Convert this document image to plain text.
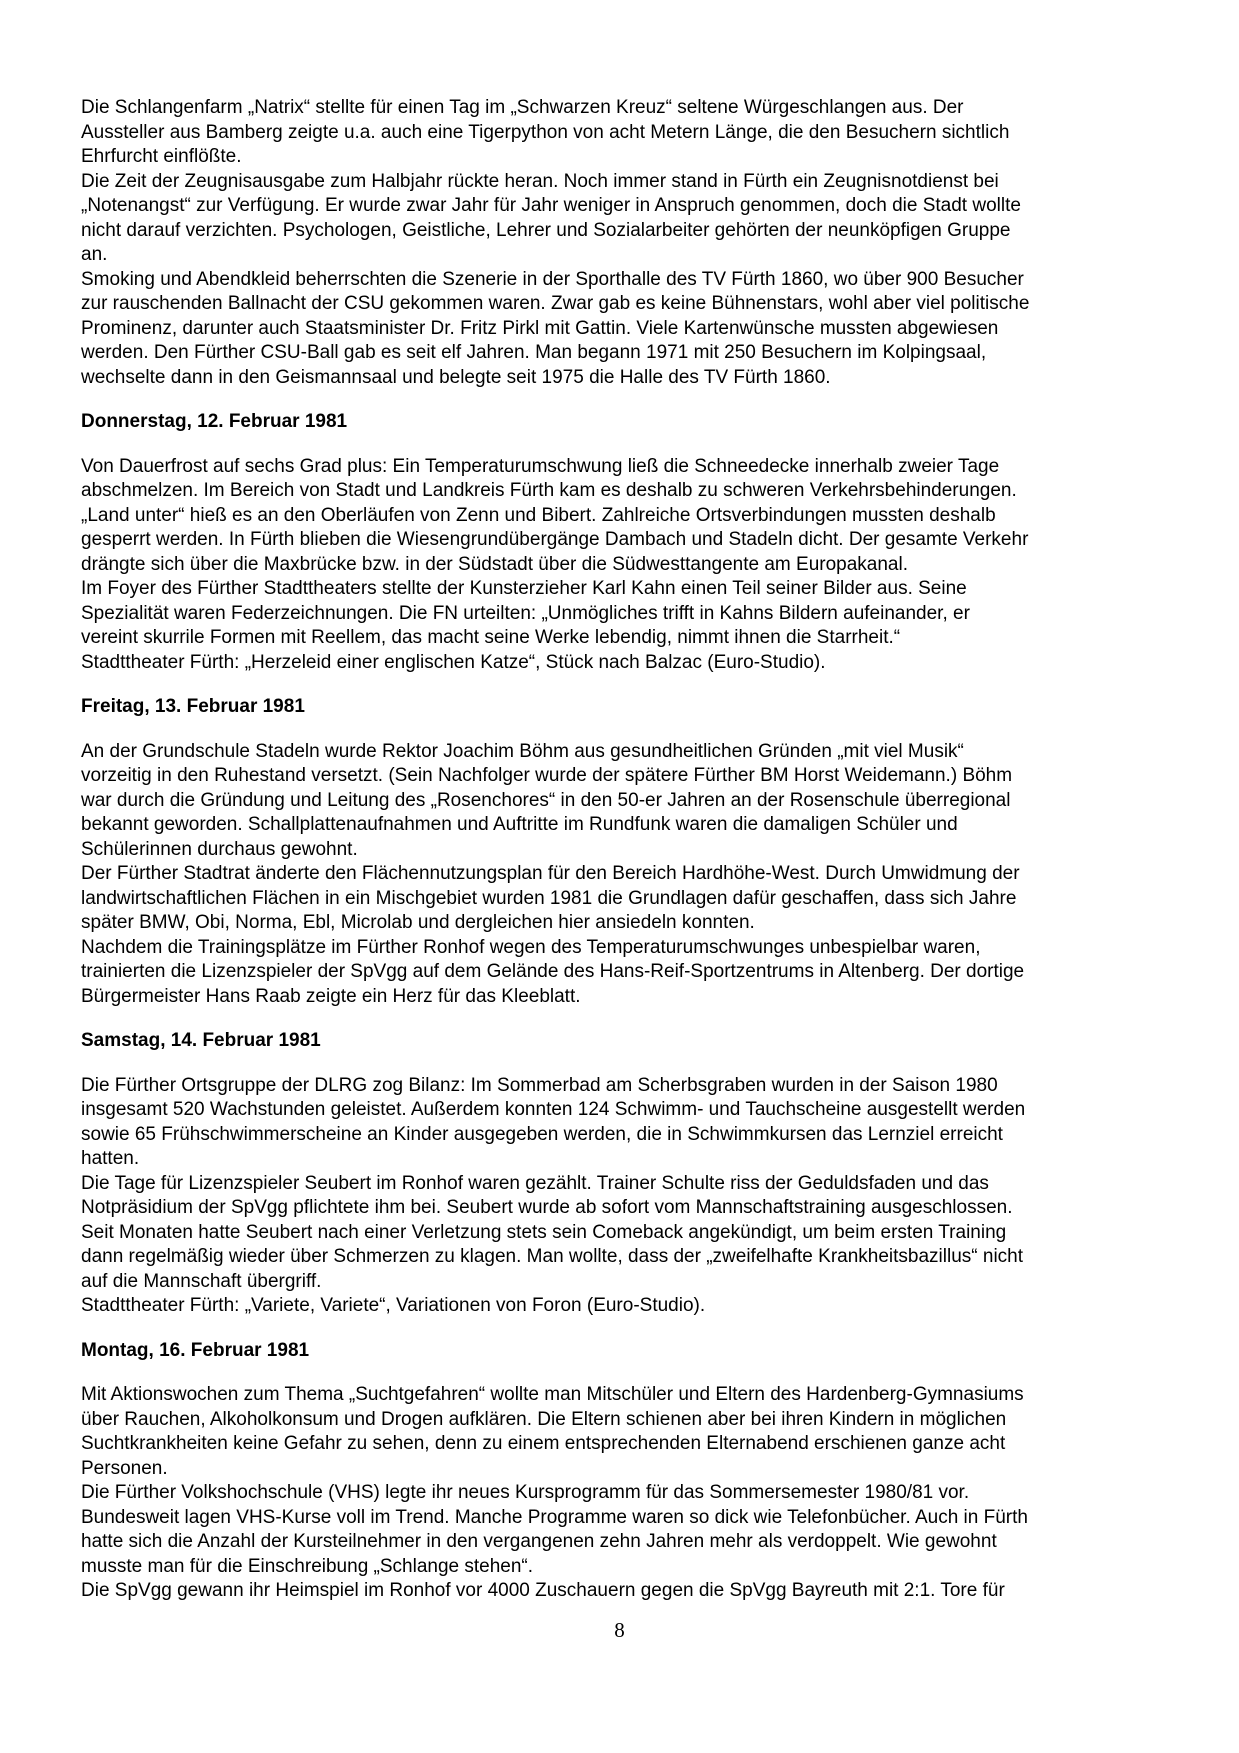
Die Schlangenfarm „Natrix“ stellte für einen Tag im „Schwarzen Kreuz“ seltene Würgeschlangen aus. Der Aussteller aus Bamberg zeigte u.a. auch eine Tigerpython von acht Metern Länge, die den Besuchern sichtlich Ehrfurcht einflößte.

Die Zeit der Zeugnisausgabe zum Halbjahr rückte heran. Noch immer stand in Fürth ein Zeugnisnotdienst bei „Notenangst“ zur Verfügung. Er wurde zwar Jahr für Jahr weniger in Anspruch genommen, doch die Stadt wollte nicht darauf verzichten. Psychologen, Geistliche, Lehrer und Sozialarbeiter gehörten der neunköpfigen Gruppe an.

Smoking und Abendkleid beherrschten die Szenerie in der Sporthalle des TV Fürth 1860, wo über 900 Besucher zur rauschenden Ballnacht der CSU gekommen waren. Zwar gab es keine Bühnenstars, wohl aber viel politische Prominenz, darunter auch Staatsminister Dr. Fritz Pirkl mit Gattin. Viele Kartenwünsche mussten abgewiesen werden. Den Fürther CSU-Ball gab es seit elf Jahren. Man begann 1971 mit 250 Besuchern im Kolpingsaal, wechselte dann in den Geismannsaal und belegte seit 1975 die Halle des TV Fürth 1860.

Donnerstag, 12. Februar 1981

Von Dauerfrost auf sechs Grad plus: Ein Temperaturumschwung ließ die Schneedecke innerhalb zweier Tage abschmelzen. Im Bereich von Stadt und Landkreis Fürth kam es deshalb zu schweren Verkehrsbehinderungen. „Land unter“ hieß es an den Oberläufen von Zenn und Bibert. Zahlreiche Ortsverbindungen mussten deshalb gesperrt werden. In Fürth blieben die Wiesengrundübergänge Dambach und Stadeln dicht. Der gesamte Verkehr drängte sich über die Maxbrücke bzw. in der Südstadt über die Südwesttangente am Europakanal.

Im Foyer des Fürther Stadttheaters stellte der Kunsterzieher Karl Kahn einen Teil seiner Bilder aus. Seine Spezialität waren Federzeichnungen. Die FN urteilten: „Unmögliches trifft in Kahns Bildern aufeinander, er vereint skurrile Formen mit Reellem, das macht seine Werke lebendig, nimmt ihnen die Starrheit.“

Stadttheater Fürth: „Herzeleid einer englischen Katze“, Stück nach Balzac (Euro-Studio).

Freitag, 13. Februar 1981

An der Grundschule Stadeln wurde Rektor Joachim Böhm aus gesundheitlichen Gründen „mit viel Musik“ vorzeitig in den Ruhestand versetzt. (Sein Nachfolger wurde der spätere Fürther BM Horst Weidemann.) Böhm war durch die Gründung und Leitung des „Rosenchores“ in den 50-er Jahren an der Rosenschule überregional bekannt geworden. Schallplattenaufnahmen und Auftritte im Rundfunk waren die damaligen Schüler und Schülerinnen durchaus gewohnt.

Der Fürther Stadtrat änderte den Flächennutzungsplan für den Bereich Hardhöhe-West. Durch Umwidmung der landwirtschaftlichen Flächen in ein Mischgebiet wurden 1981 die Grundlagen dafür geschaffen, dass sich Jahre später BMW, Obi, Norma, Ebl, Microlab und dergleichen hier ansiedeln konnten.

Nachdem die Trainingsplätze im Fürther Ronhof wegen des Temperaturumschwunges unbespielbar waren, trainierten die Lizenzspieler der SpVgg auf dem Gelände des Hans-Reif-Sportzentrums in Altenberg. Der dortige Bürgermeister Hans Raab zeigte ein Herz für das Kleeblatt.

Samstag, 14. Februar 1981

Die Fürther Ortsgruppe der DLRG zog Bilanz: Im Sommerbad am Scherbsgraben wurden in der Saison 1980 insgesamt 520 Wachstunden geleistet. Außerdem konnten 124 Schwimm- und Tauchscheine ausgestellt werden sowie 65 Frühschwimmerscheine an Kinder ausgegeben werden, die in Schwimmkursen das Lernziel erreicht hatten.

Die Tage für Lizenzspieler Seubert im Ronhof waren gezählt. Trainer Schulte riss der Geduldsfaden und das Notpräsidium der SpVgg pflichtete ihm bei. Seubert wurde ab sofort vom Mannschaftstraining ausgeschlossen. Seit Monaten hatte Seubert nach einer Verletzung stets sein Comeback angekündigt, um beim ersten Training dann regelmäßig wieder über Schmerzen zu klagen. Man wollte, dass der „zweifelhafte Krankheitsbazillus“ nicht auf die Mannschaft übergriff.

Stadttheater Fürth: „Variete, Variete“, Variationen von Foron (Euro-Studio).

Montag, 16. Februar 1981

Mit Aktionswochen zum Thema „Suchtgefahren“ wollte man Mitschüler und Eltern des Hardenberg-Gymnasiums über Rauchen, Alkoholkonsum und Drogen aufklären. Die Eltern schienen aber bei ihren Kindern in möglichen Suchtkrankheiten keine Gefahr zu sehen, denn zu einem entsprechenden Elternabend erschienen ganze acht Personen.

Die Fürther Volkshochschule (VHS) legte ihr neues Kursprogramm für das Sommersemester 1980/81 vor. Bundesweit lagen VHS-Kurse voll im Trend. Manche Programme waren so dick wie Telefonbücher. Auch in Fürth hatte sich die Anzahl der Kursteilnehmer in den vergangenen zehn Jahren mehr als verdoppelt. Wie gewohnt musste man für die Einschreibung „Schlange stehen“.

Die SpVgg gewann ihr Heimspiel im Ronhof vor 4000 Zuschauern gegen die SpVgg Bayreuth mit 2:1. Tore für

8
